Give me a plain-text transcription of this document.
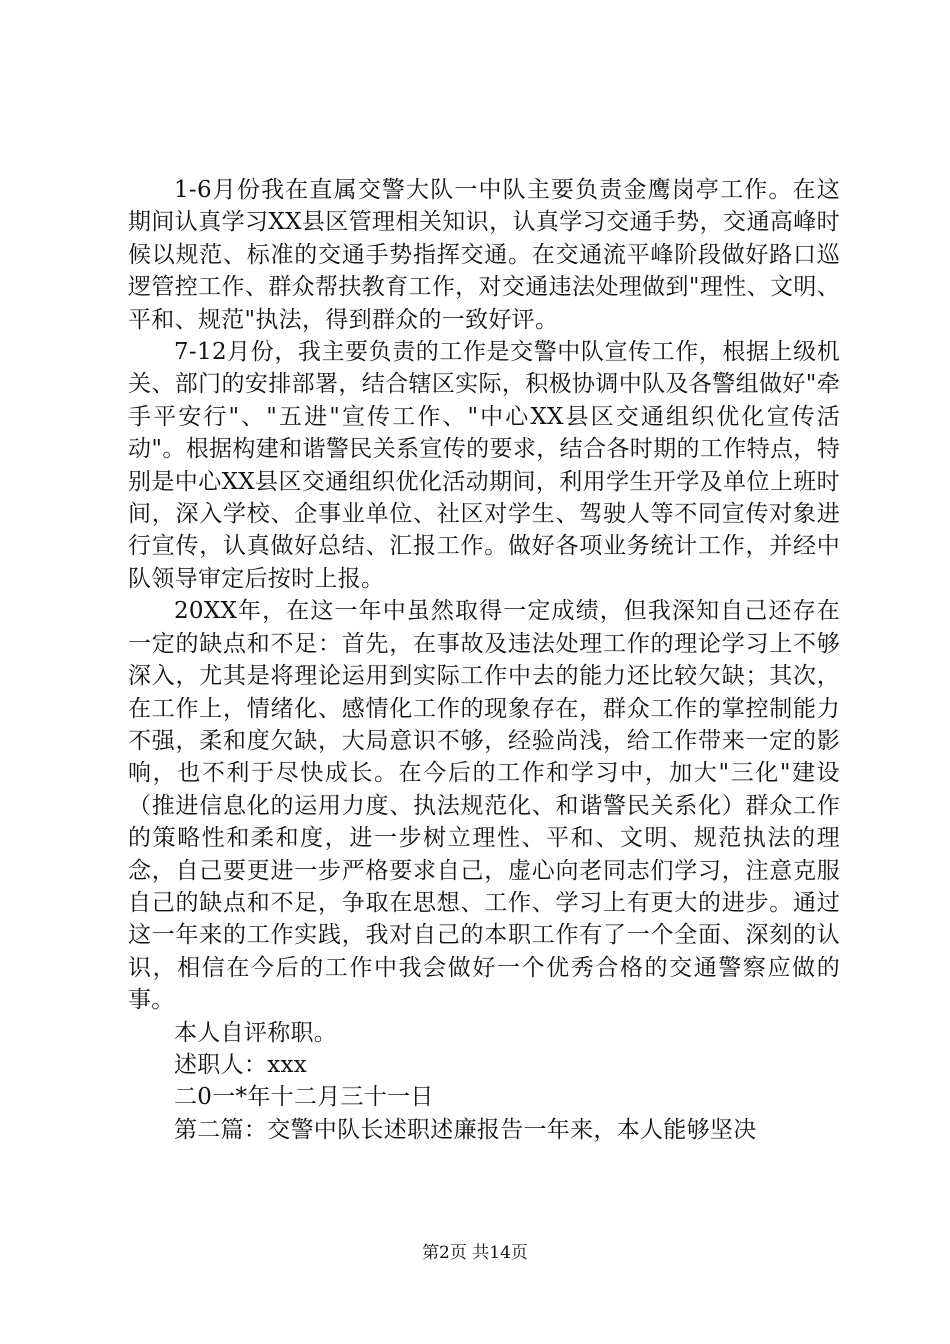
1-6月份我在直属交警大队一中队主要负责金鹰岗亭工作。在这期间认真学习XX县区管理相关知识，认真学习交通手势，交通高峰时候以规范、标准的交通手势指挥交通。在交通流平峰阶段做好路口巡逻管控工作、群众帮扶教育工作，对交通违法处理做到"理性、文明、平和、规范"执法，得到群众的一致好评。

7-12月份，我主要负责的工作是交警中队宣传工作，根据上级机关、部门的安排部署，结合辖区实际，积极协调中队及各警组做好"牵手平安行"、"五进"宣传工作、"中心XX县区交通组织优化宣传活动"。根据构建和谐警民关系宣传的要求，结合各时期的工作特点，特别是中心XX县区交通组织优化活动期间，利用学生开学及单位上班时间，深入学校、企事业单位、社区对学生、驾驶人等不同宣传对象进行宣传，认真做好总结、汇报工作。做好各项业务统计工作，并经中队领导审定后按时上报。

20XX年，在这一年中虽然取得一定成绩，但我深知自己还存在一定的缺点和不足：首先，在事故及违法处理工作的理论学习上不够深入，尤其是将理论运用到实际工作中去的能力还比较欠缺；其次，在工作上，情绪化、感情化工作的现象存在，群众工作的掌控制能力不强，柔和度欠缺，大局意识不够，经验尚浅，给工作带来一定的影响，也不利于尽快成长。在今后的工作和学习中，加大"三化"建设（推进信息化的运用力度、执法规范化、和谐警民关系化）群众工作的策略性和柔和度，进一步树立理性、平和、文明、规范执法的理念，自己要更进一步严格要求自己，虚心向老同志们学习，注意克服自己的缺点和不足，争取在思想、工作、学习上有更大的进步。通过这一年来的工作实践，我对自己的本职工作有了一个全面、深刻的认识，相信在今后的工作中我会做好一个优秀合格的交通警察应做的事。

本人自评称职。

述职人：xxx

二0一*年十二月三十一日

第二篇：交警中队长述职述廉报告一年来，本人能够坚决

第2页 共14页
